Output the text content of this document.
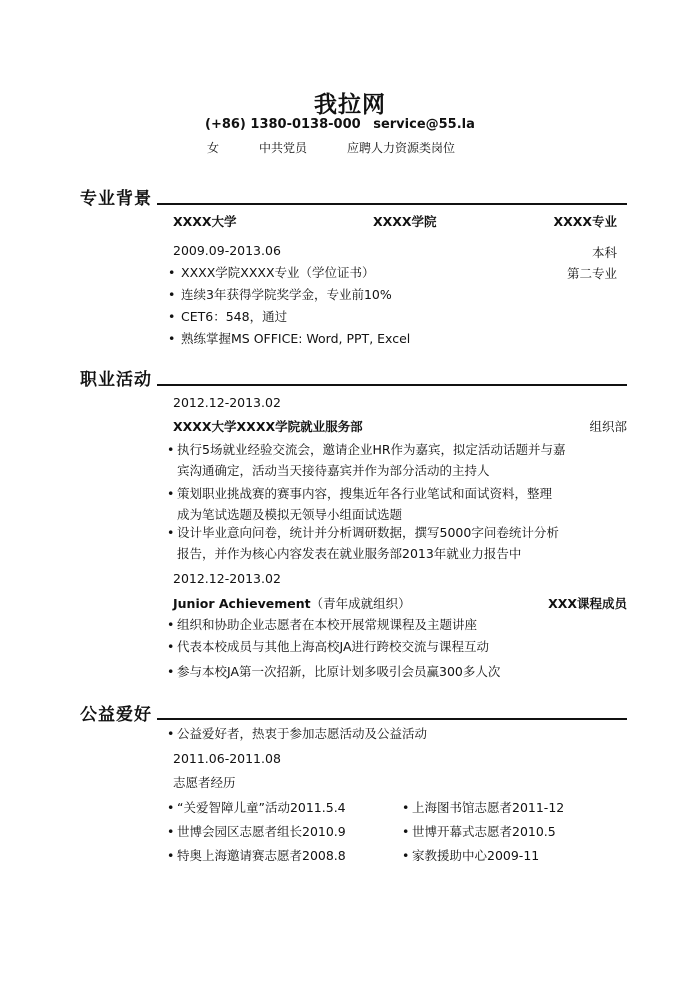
我拉网
(+86) 1380-0138-000 service@55.la
女	中共党员	应聘人力资源类岗位
专业背景
XXXX大学	XXXX学院	XXXX专业
2009.09-2013.06	本科
• XXXX学院XXXX专业（学位证书）	第二专业
• 连续3年获得学院奖学金，专业前10%
• CET6：548，通过
• 熟练掌握MS OFFICE: Word, PPT, Excel
职业活动
2012.12-2013.02
XXXX大学XXXX学院就业服务部	组织部
• 执行5场就业经验交流会，邀请企业HR作为嘉宾，拟定活动话题并与嘉
宾沟通确定，活动当天接待嘉宾并作为部分活动的主持人
• 策划职业挑战赛的赛事内容，搜集近年各行业笔试和面试资料，整理
成为笔试选题及模拟无领导小组面试选题
• 设计毕业意向问卷，统计并分析调研数据，撰写5000字问卷统计分析
报告，并作为核心内容发表在就业服务部2013年就业力报告中
2012.12-2013.02
Junior Achievement（青年成就组织）	XXX课程成员
• 组织和协助企业志愿者在本校开展常规课程及主题讲座
• 代表本校成员与其他上海高校JA进行跨校交流与课程互动
• 参与本校JA第一次招新，比原计划多吸引会员赢300多人次
公益爱好
• 公益爱好者，热衷于参加志愿活动及公益活动
2011.06-2011.08
志愿者经历
• “关爱智障儿童”活动2011.5.4
• 世博会园区志愿者组长2010.9
• 特奥上海邀请赛志愿者2008.8
• 上海图书馆志愿者2011-12
• 世博开幕式志愿者2010.5
• 家教援助中心2009-11
